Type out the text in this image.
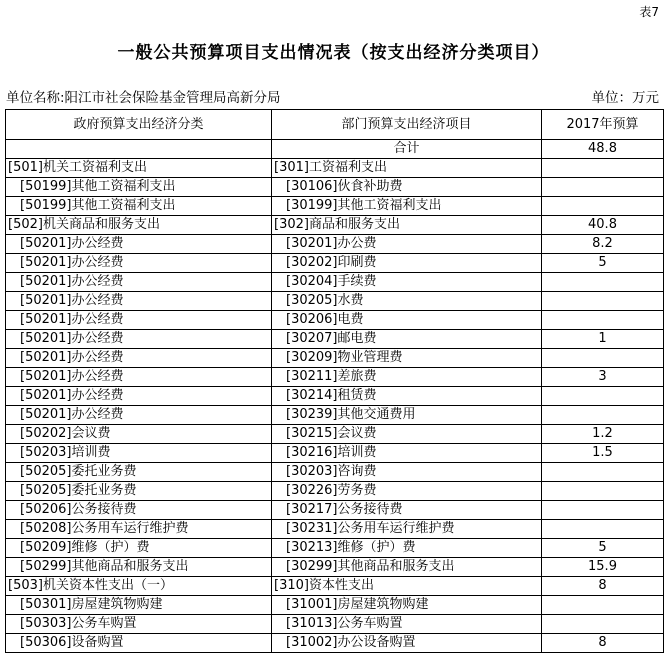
表7
一般公共预算项目支出情况表（按支出经济分类项目）
单位名称:阳江市社会保险基金管理局高新分局	单位：万元
政府预算支出经济分类	部门预算支出经济项目	2017年预算
	合计	48.8
[501]机关工资福利支出	[301]工资福利支出	
[50199]其他工资福利支出	[30106]伙食补助费	
[50199]其他工资福利支出	[30199]其他工资福利支出	
[502]机关商品和服务支出	[302]商品和服务支出	40.8
[50201]办公经费	[30201]办公费	8.2
[50201]办公经费	[30202]印刷费	5
[50201]办公经费	[30204]手续费	
[50201]办公经费	[30205]水费	
[50201]办公经费	[30206]电费	
[50201]办公经费	[30207]邮电费	1
[50201]办公经费	[30209]物业管理费	
[50201]办公经费	[30211]差旅费	3
[50201]办公经费	[30214]租赁费	
[50201]办公经费	[30239]其他交通费用	
[50202]会议费	[30215]会议费	1.2
[50203]培训费	[30216]培训费	1.5
[50205]委托业务费	[30203]咨询费	
[50205]委托业务费	[30226]劳务费	
[50206]公务接待费	[30217]公务接待费	
[50208]公务用车运行维护费	[30231]公务用车运行维护费	
[50209]维修（护）费	[30213]维修（护）费	5
[50299]其他商品和服务支出	[30299]其他商品和服务支出	15.9
[503]机关资本性支出（一）	[310]资本性支出	8
[50301]房屋建筑物购建	[31001]房屋建筑物购建	
[50303]公务车购置	[31013]公务车购置	
[50306]设备购置	[31002]办公设备购置	8
